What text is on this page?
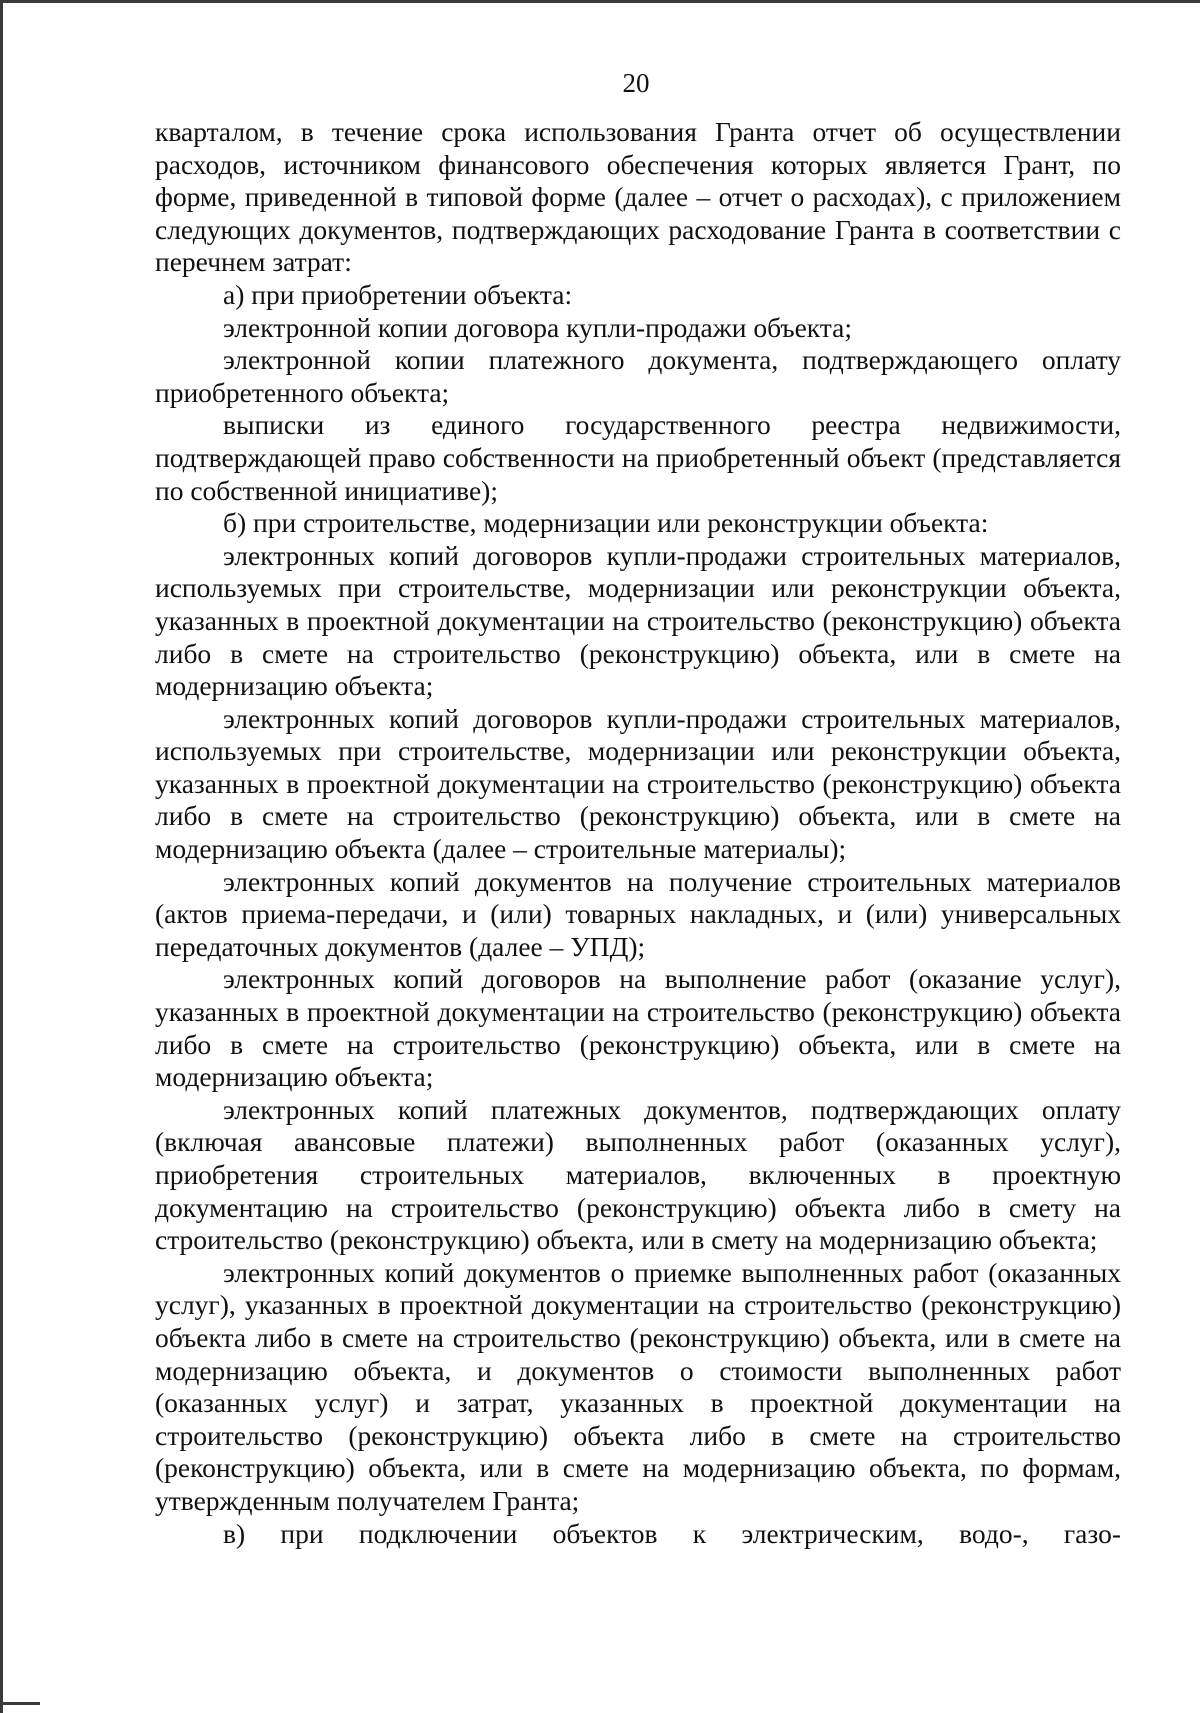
20

кварталом, в течение срока использования Гранта отчет об осуществлении расходов, источником финансового обеспечения которых является Грант, по форме, приведенной в типовой форме (далее – отчет о расходах), с приложением следующих документов, подтверждающих расходование Гранта в соответствии с перечнем затрат:

а) при приобретении объекта:

электронной копии договора купли-продажи объекта;

электронной копии платежного документа, подтверждающего оплату приобретенного объекта;

выписки из единого государственного реестра недвижимости, подтверждающей право собственности на приобретенный объект (представляется по собственной инициативе);

б) при строительстве, модернизации или реконструкции объекта:

электронных копий договоров купли-продажи строительных материалов, используемых при строительстве, модернизации или реконструкции объекта, указанных в проектной документации на строительство (реконструкцию) объекта либо в смете на строительство (реконструкцию) объекта, или в смете на модернизацию объекта;

электронных копий договоров купли-продажи строительных материалов, используемых при строительстве, модернизации или реконструкции объекта, указанных в проектной документации на строительство (реконструкцию) объекта либо в смете на строительство (реконструкцию) объекта, или в смете на модернизацию объекта (далее – строительные материалы);

электронных копий документов на получение строительных материалов (актов приема-передачи, и (или) товарных накладных, и (или) универсальных передаточных документов (далее – УПД);

электронных копий договоров на выполнение работ (оказание услуг), указанных в проектной документации на строительство (реконструкцию) объекта либо в смете на строительство (реконструкцию) объекта, или в смете на модернизацию объекта;

электронных копий платежных документов, подтверждающих оплату (включая авансовые платежи) выполненных работ (оказанных услуг), приобретения строительных материалов, включенных в проектную документацию на строительство (реконструкцию) объекта либо в смету на строительство (реконструкцию) объекта, или в смету на модернизацию объекта;

электронных копий документов о приемке выполненных работ (оказанных услуг), указанных в проектной документации на строительство (реконструкцию) объекта либо в смете на строительство (реконструкцию) объекта, или в смете на модернизацию объекта, и документов о стоимости выполненных работ (оказанных услуг) и затрат, указанных в проектной документации на строительство (реконструкцию) объекта либо в смете на строительство (реконструкцию) объекта, или в смете на модернизацию объекта, по формам, утвержденным получателем Гранта;

в) при подключении объектов к электрическим, водо-, газо-
